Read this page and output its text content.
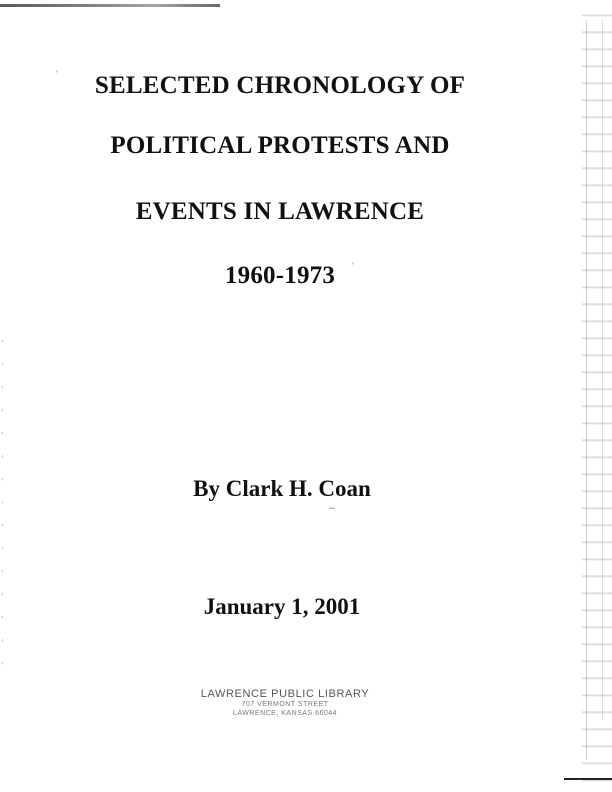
′
′
∼
SELECTED CHRONOLOGY OF
POLITICAL PROTESTS AND
EVENTS IN LAWRENCE
1960-1973
By Clark H. Coan
January 1, 2001
LAWRENCE PUBLIC LIBRARY
707 VERMONT STREET
LAWRENCE, KANSAS 66044
